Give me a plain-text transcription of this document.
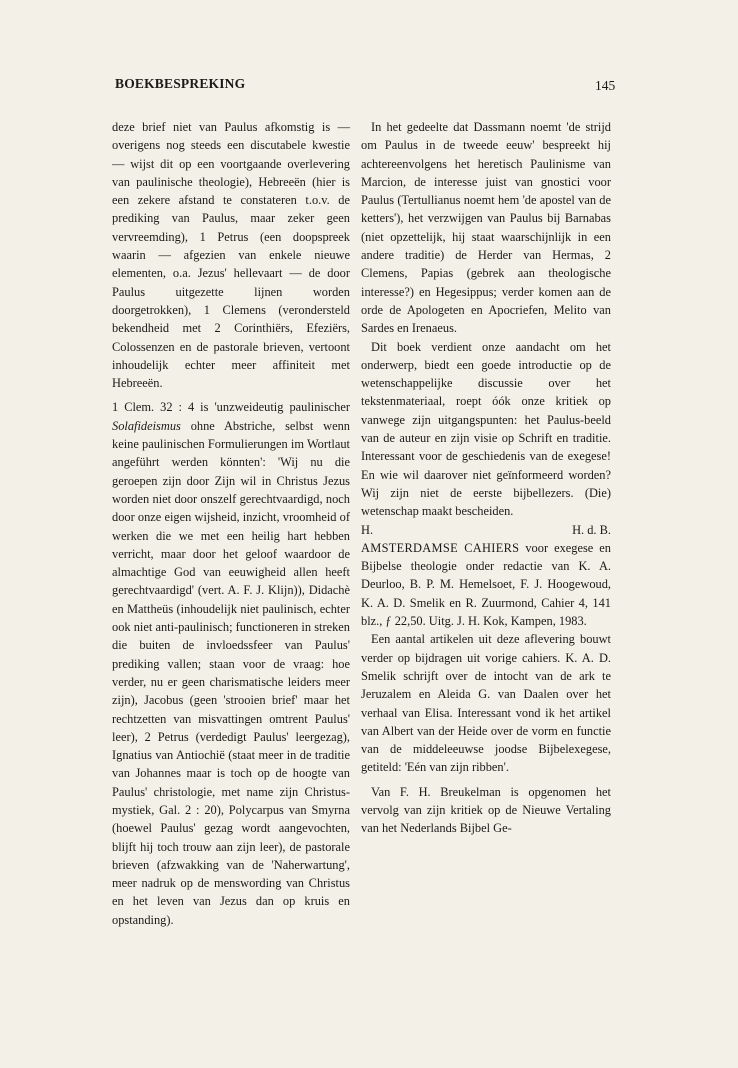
BOEKBESPREKING	145

deze brief niet van Paulus afkomstig is — overigens nog steeds een discutabele kwestie — wijst dit op een voortgaande overlevering van paulinische theologie), Hebreeën (hier is een zekere afstand te constateren t.o.v. de prediking van Paulus, maar zeker geen vervreemding), 1 Petrus (een doopspreek waarin — afgezien van enkele nieuwe elementen, o.a. Jezus' hellevaart — de door Paulus uitgezette lijnen worden doorgetrokken), 1 Clemens (verondersteld bekendheid met 2 Corinthiërs, Efeziërs, Colossenzen en de pastorale brieven, vertoont inhoudelijk echter meer affiniteit met Hebreeën.

1 Clem. 32 : 4 is 'unzweideutig paulinischer Solafideismus ohne Abstriche, selbst wenn keine paulinischen Formulierungen im Wortlaut angeführt werden könnten': 'Wij nu die geroepen zijn door Zijn wil in Christus Jezus worden niet door onszelf gerechtvaardigd, noch door onze eigen wijsheid, inzicht, vroomheid of werken die we met een heilig hart hebben verricht, maar door het geloof waardoor de almachtige God van eeuwigheid allen heeft gerechtvaardigd' (vert. A. F. J. Klijn)), Didachè en Mattheüs (inhoudelijk niet paulinisch, echter ook niet anti-paulinisch; functioneren in streken die buiten de invloedssfeer van Paulus' prediking vallen; staan voor de vraag: hoe verder, nu er geen charismatische leiders meer zijn), Jacobus (geen 'strooien brief' maar het rechtzetten van misvattingen omtrent Paulus' leer), 2 Petrus (verdedigt Paulus' leergezag), Ignatius van Antiochië (staat meer in de traditie van Johannes maar is toch op de hoogte van Paulus' christologie, met name zijn Christus-mystiek, Gal. 2 : 20), Polycarpus van Smyrna (hoewel Paulus' gezag wordt aangevochten, blijft hij toch trouw aan zijn leer), de pastorale brieven (afzwakking van de 'Naherwartung', meer nadruk op de menswording van Christus en het leven van Jezus dan op kruis en opstanding).

In het gedeelte dat Dassmann noemt 'de strijd om Paulus in de tweede eeuw' bespreekt hij achtereenvolgens het heretisch Paulinisme van Marcion, de interesse juist van gnostici voor Paulus (Tertullianus noemt hem 'de apostel van de ketters'), het verzwijgen van Paulus bij Barnabas (niet opzettelijk, hij staat waarschijnlijk in een andere traditie) de Herder van Hermas, 2 Clemens, Papias (gebrek aan theologische interesse?) en Hegesippus; verder komen aan de orde de Apologeten en Apocriefen, Melito van Sardes en Irenaeus.

Dit boek verdient onze aandacht om het onderwerp, biedt een goede introductie op de wetenschappelijke discussie over het tekstenmateriaal, roept óók onze kritiek op vanwege zijn uitgangspunten: het Paulus-beeld van de auteur en zijn visie op Schrift en traditie. Interessant voor de geschiedenis van de exegese! En wie wil daarover niet geïnformeerd worden? Wij zijn niet de eerste bijbellezers. (Die) wetenschap maakt bescheiden.

H.	H. d. B.

AMSTERDAMSE CAHIERS voor exegese en Bijbelse theologie onder redactie van K. A. Deurloo, B. P. M. Hemelsoet, F. J. Hoogewoud, K. A. D. Smelik en R. Zuurmond, Cahier 4, 141 blz., ƒ 22,50. Uitg. J. H. Kok, Kampen, 1983.

Een aantal artikelen uit deze aflevering bouwt verder op bijdragen uit vorige cahiers. K. A. D. Smelik schrijft over de intocht van de ark te Jeruzalem en Aleida G. van Daalen over het verhaal van Elisa. Interessant vond ik het artikel van Albert van der Heide over de vorm en functie van de middeleeuwse joodse Bijbelexegese, getiteld: 'Eén van zijn ribben'.

Van F. H. Breukelman is opgenomen het vervolg van zijn kritiek op de Nieuwe Vertaling van het Nederlands Bijbel Ge-
